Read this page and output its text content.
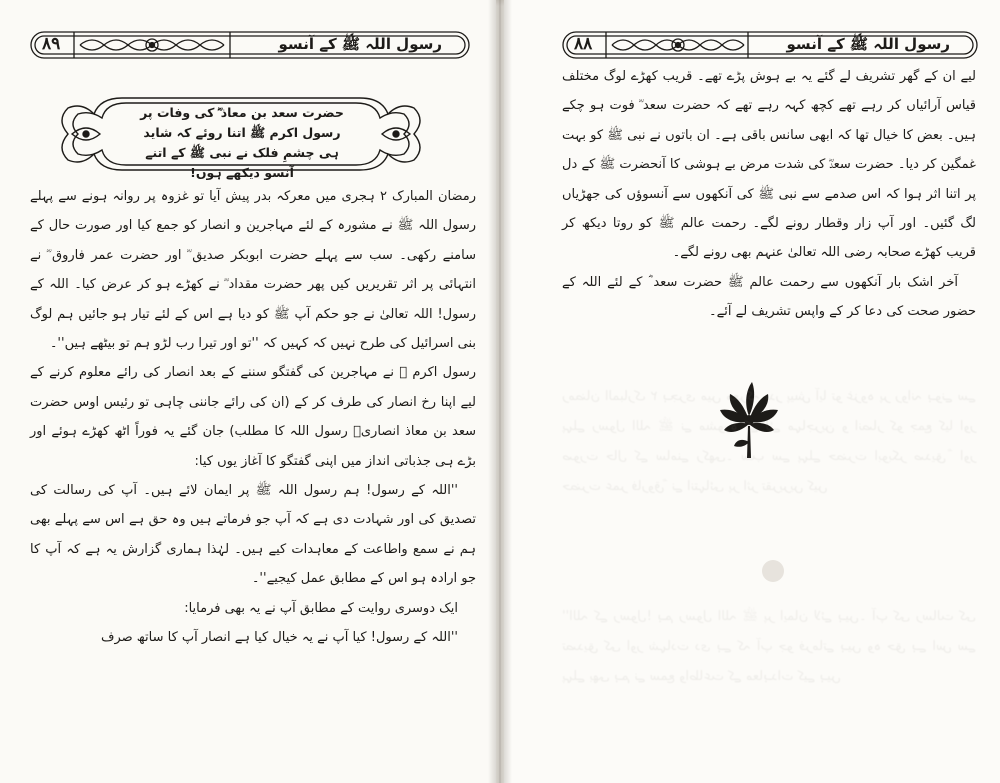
۸۹	رسول اللہ ﷺ کے آنسو
حضرت سعد بن معاذ ؓ کی وفات پر رسول اکرم ﷺ اتنا روئے کہ شاید ہی چشمِ فلک نے نبی ﷺ کے اتنے آنسو دیکھے ہوں!

رمضان المبارک ۲ ہجری میں معرکہ بدر پیش آیا تو غزوہ پر روانہ ہونے سے پہلے رسول اللہ ﷺ نے مشورہ کے لئے مہاجرین و انصار کو جمع کیا اور صورت حال کے سامنے رکھی۔ سب سے پہلے حضرت ابوبکر صدیق ؓ اور حضرت عمر فاروق ؓ نے انتہائی پر اثر تقریریں کیں پھر حضرت مقداد ؓ نے کھڑے ہو کر عرض کیا۔ اللہ کے رسول! اللہ تعالیٰ نے جو حکم آپ ﷺ کو دیا ہے اس کے لئے تیار ہو جائیں ہم لوگ بنی اسرائیل کی طرح نہیں کہ کہیں کہ ''تو اور تیرا رب لڑو ہم تو بیٹھے ہیں''۔

رسول اکرم ﷺ نے مہاجرین کی گفتگو سننے کے بعد انصار کی رائے معلوم کرنے کے لیے اپنا رخ انصار کی طرف کر کے (ان کی رائے جاننی چاہی تو رئیس اوس حضرت سعد بن معاذ انصاریؓ رسول اللہ کا مطلب) جان گئے یہ فوراً اٹھ کھڑے ہوئے اور بڑے ہی جذباتی انداز میں اپنی گفتگو کا آغاز یوں کیا:

''اللہ کے رسول! ہم رسول اللہ ﷺ پر ایمان لائے ہیں۔ آپ کی رسالت کی تصدیق کی اور شہادت دی ہے کہ آپ جو فرماتے ہیں وہ حق ہے اس سے پہلے بھی ہم نے سمع واطاعت کے معاہدات کیے ہیں۔ لہٰذا ہماری گزارش یہ ہے کہ آپ کا جو ارادہ ہو اس کے مطابق عمل کیجیے''۔

ایک دوسری روایت کے مطابق آپ نے یہ بھی فرمایا:

''اللہ کے رسول! کیا آپ نے یہ خیال کیا ہے انصار آپ کا ساتھ صرف

۸۸	رسول اللہ ﷺ کے آنسو

لیے ان کے گھر تشریف لے گئے یہ بے ہوش پڑے تھے۔ قریب کھڑے لوگ مختلف قیاس آرائیاں کر رہے تھے کچھ کہہ رہے تھے کہ حضرت سعد ؓ فوت ہو چکے ہیں۔ بعض کا خیال تھا کہ ابھی سانس باقی ہے۔ ان باتوں نے نبی ﷺ کو بہت غمگین کر دیا۔ حضرت سعدؓ کی شدت مرض بے ہوشی کا آنحضرت ﷺ کے دل پر اتنا اثر ہوا کہ اس صدمے سے نبی ﷺ کی آنکھوں سے آنسوؤں کی جھڑیاں لگ گئیں۔ اور آپ زار وقطار رونے لگے۔ رحمت عالم ﷺ کو روتا دیکھ کر قریب کھڑے صحابہ رضی اللہ تعالیٰ عنہم بھی رونے لگے۔

آخر اشک بار آنکھوں سے رحمت عالم ﷺ حضرت سعد ؓ کے لئے اللہ کے حضور صحت کی دعا کر کے واپس تشریف لے آئے۔

رمضان المبارک ۲ ہجری میں معرکہ بدر پیش آیا تو غزوہ پر روانہ ہونے سے پہلے رسول اللہ ﷺ نے مشورہ کے لئے مہاجرین و انصار کو جمع کیا اور صورت حال کے سامنے رکھی۔ سب سے پہلے حضرت ابوبکر صدیق ؓ اور حضرت عمر فاروق ؓ نے انتہائی پر اثر تقریریں کیں
''اللہ کے رسول! ہم رسول اللہ ﷺ پر ایمان لائے ہیں۔ آپ کی رسالت کی تصدیق کی اور شہادت دی ہے کہ آپ جو فرماتے ہیں وہ حق ہے اس سے پہلے بھی ہم نے سمع واطاعت کے معاہدات کیے ہیں
